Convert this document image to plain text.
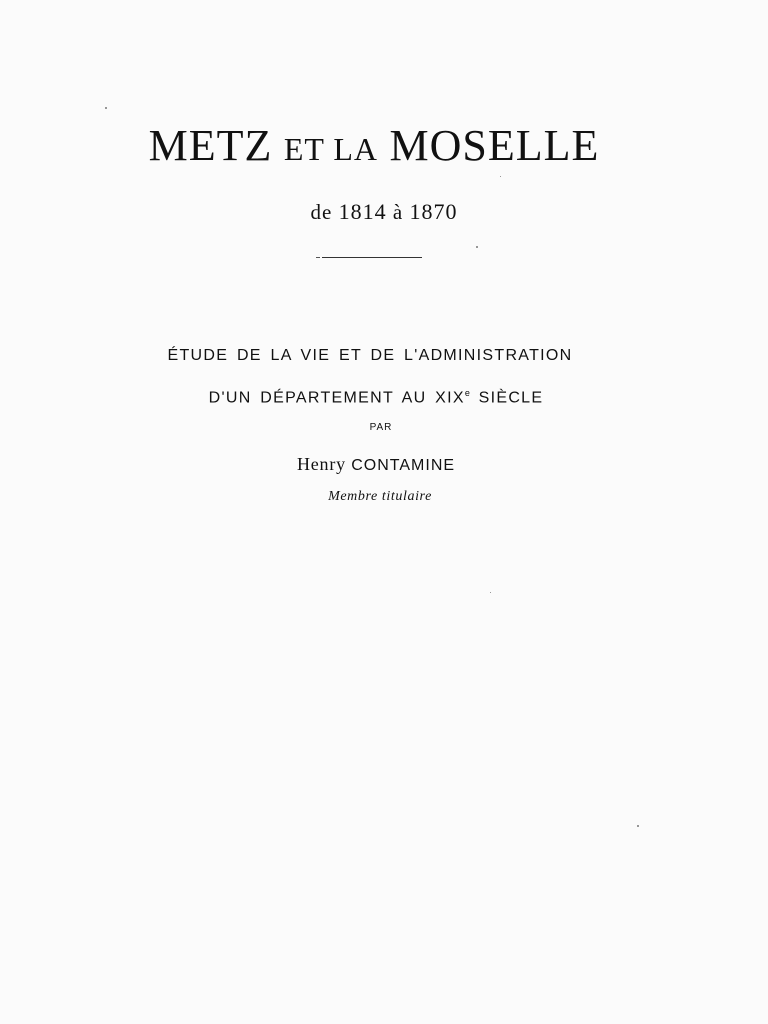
METZ ET LA MOSELLE
de 1814 à 1870
ÉTUDE DE LA VIE ET DE L'ADMINISTRATION
D'UN DÉPARTEMENT AU XIXe SIÈCLE
PAR
Henry CONTAMINE
Membre titulaire
